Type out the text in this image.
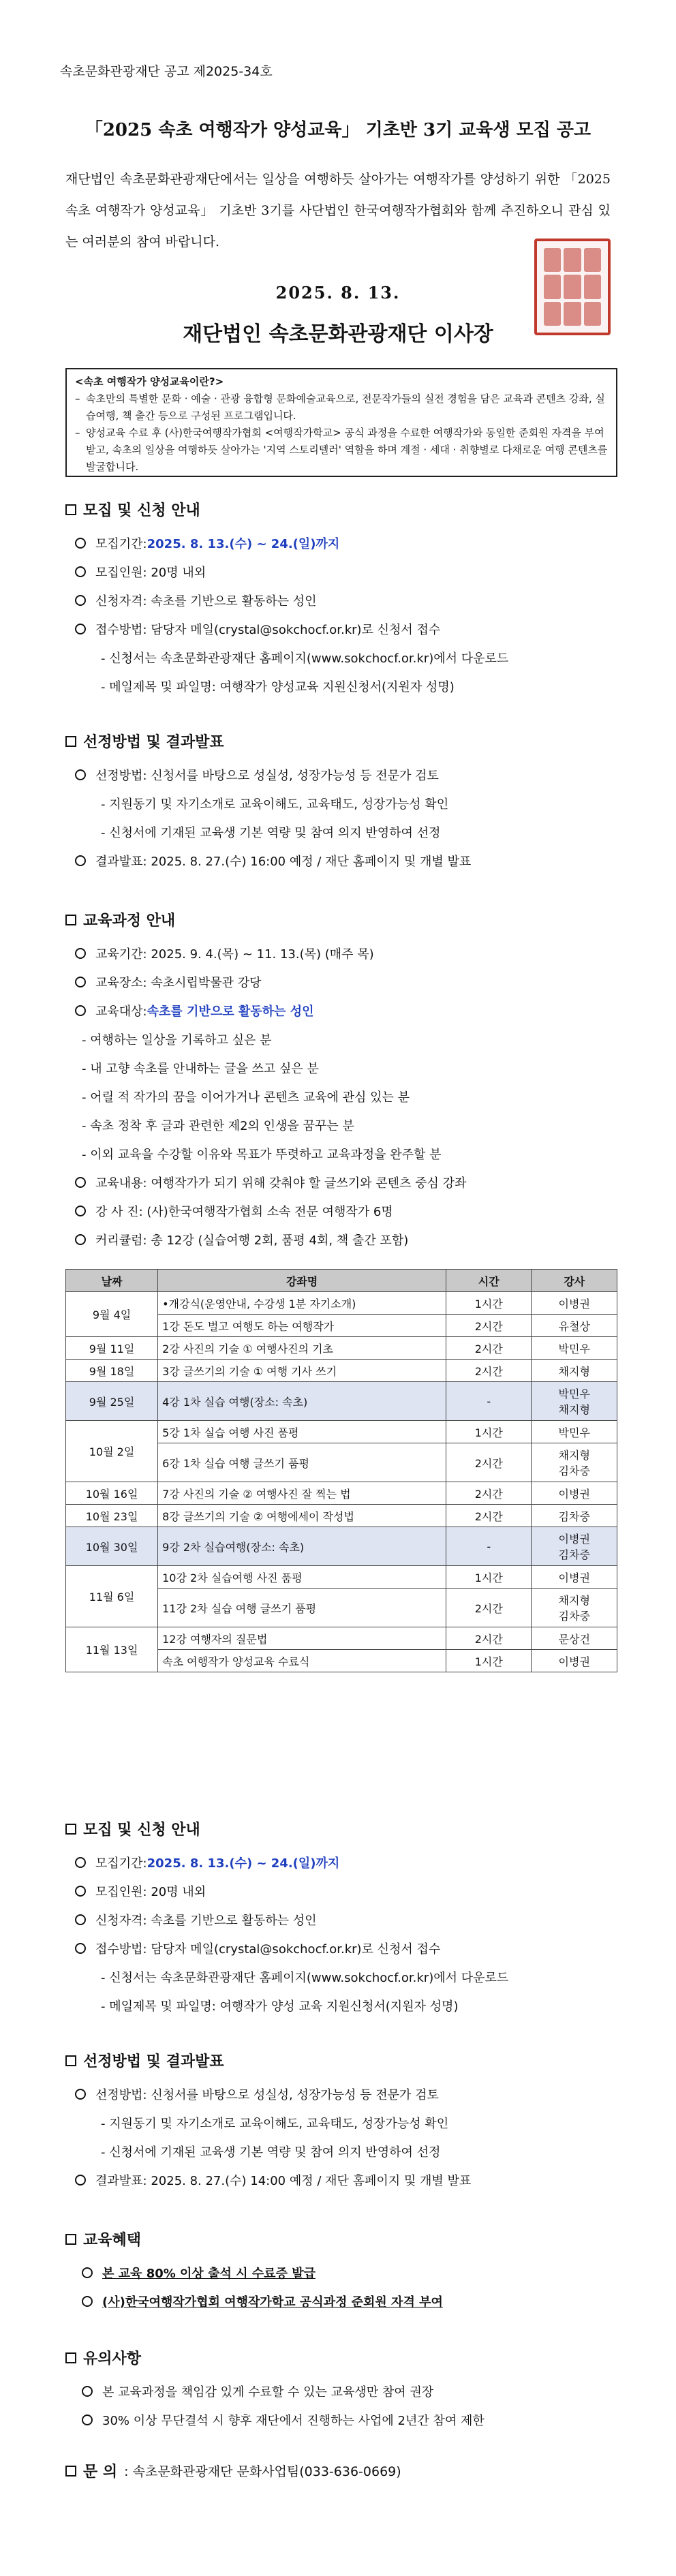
속초문화관광재단 공고 제2025-34호
「2025 속초 여행작가 양성교육」 기초반 3기 교육생 모집 공고
재단법인 속초문화관광재단에서는 일상을 여행하듯 살아가는 여행작가를 양성하기 위한 「2025 속초 여행작가 양성교육」 기초반 3기를 사단법인 한국여행작가협회와 함께 추진하오니 관심 있는 여러분의 참여 바랍니다.
2025. 8. 13.
재단법인 속초문화관광재단 이사장
<속초 여행작가 양성교육이란?>
– 속초만의 특별한 문화 · 예술 · 관광 융합형 문화예술교육으로, 전문작가들의 실전 경험을 담은 교육과 콘텐츠 강좌, 실습여행, 책 출간 등으로 구성된 프로그램입니다.
– 양성교육 수료 후 (사)한국여행작가협회 <여행작가학교> 공식 과정을 수료한 여행작가와 동일한 준회원 자격을 부여받고, 속초의 일상을 여행하듯 살아가는 '지역 스토리텔러' 역할을 하며 계절 · 세대 · 취향별로 다채로운 여행 콘텐츠를 발굴합니다.
모집 및 신청 안내
모집기간: 2025. 8. 13.(수) ~ 24.(일)까지
모집인원: 20명 내외
신청자격: 속초를 기반으로 활동하는 성인
접수방법: 담당자 메일(crystal@sokchocf.or.kr)로 신청서 접수
- 신청서는 속초문화관광재단 홈페이지(www.sokchocf.or.kr)에서 다운로드
- 메일제목 및 파일명: 여행작가 양성교육 지원신청서(지원자 성명)
선정방법 및 결과발표
선정방법: 신청서를 바탕으로 성실성, 성장가능성 등 전문가 검토
- 지원동기 및 자기소개로 교육이해도, 교육태도, 성장가능성 확인
- 신청서에 기재된 교육생 기본 역량 및 참여 의지 반영하여 선정
결과발표: 2025. 8. 27.(수) 16:00 예정 / 재단 홈페이지 및 개별 발표
교육과정 안내
교육기간: 2025. 9. 4.(목) ~ 11. 13.(목) (매주 목)
교육장소: 속초시립박물관 강당
교육대상: 속초를 기반으로 활동하는 성인
- 여행하는 일상을 기록하고 싶은 분
- 내 고향 속초를 안내하는 글을 쓰고 싶은 분
- 어릴 적 작가의 꿈을 이어가거나 콘텐츠 교육에 관심 있는 분
- 속초 정착 후 글과 관련한 제2의 인생을 꿈꾸는 분
- 이외 교육을 수강할 이유와 목표가 뚜렷하고 교육과정을 완주할 분
교육내용: 여행작가가 되기 위해 갖춰야 할 글쓰기와 콘텐츠 중심 강좌
강 사 진: (사)한국여행작가협회 소속 전문 여행작가 6명
커리큘럼: 총 12강 (실습여행 2회, 품평 4회, 책 출간 포함)
날짜	강좌명	시간	강사
9월 4일	•개강식(운영안내, 수강생 1분 자기소개)	1시간	이병권
	1강 돈도 벌고 여행도 하는 여행작가	2시간	유철상
9월 11일	2강 사진의 기술 ① 여행사진의 기초	2시간	박민우
9월 18일	3강 글쓰기의 기술 ① 여행 기사 쓰기	2시간	채지형
9월 25일	4강 1차 실습 여행(장소: 속초)	-	박민우
채지형
10월 2일	5강 1차 실습 여행 사진 품평	1시간	박민우
	6강 1차 실습 여행 글쓰기 품평	2시간	채지형
김차중
10월 16일	7강 사진의 기술 ② 여행사진 잘 찍는 법	2시간	이병권
10월 23일	8강 글쓰기의 기술 ② 여행에세이 작성법	2시간	김차중
10월 30일	9강 2차 실습여행(장소: 속초)	-	이병권
김차중
11월 6일	10강 2차 실습여행 사진 품평	1시간	이병권
	11강 2차 실습 여행 글쓰기 품평	2시간	채지형
김차중
11월 13일	12강 여행자의 질문법	2시간	문상건
	속초 여행작가 양성교육 수료식	1시간	이병권
모집 및 신청 안내
모집기간: 2025. 8. 13.(수) ~ 24.(일)까지
모집인원: 20명 내외
신청자격: 속초를 기반으로 활동하는 성인
접수방법: 담당자 메일(crystal@sokchocf.or.kr)로 신청서 접수
- 신청서는 속초문화관광재단 홈페이지(www.sokchocf.or.kr)에서 다운로드
- 메일제목 및 파일명: 여행작가 양성 교육 지원신청서(지원자 성명)
선정방법 및 결과발표
선정방법: 신청서를 바탕으로 성실성, 성장가능성 등 전문가 검토
- 지원동기 및 자기소개로 교육이해도, 교육태도, 성장가능성 확인
- 신청서에 기재된 교육생 기본 역량 및 참여 의지 반영하여 선정
결과발표: 2025. 8. 27.(수) 14:00 예정 / 재단 홈페이지 및 개별 발표
교육혜택
본 교육 80% 이상 출석 시 수료증 발급
(사)한국여행작가협회 여행작가학교 공식과정 준회원 자격 부여
유의사항
본 교육과정을 책임감 있게 수료할 수 있는 교육생만 참여 권장
30% 이상 무단결석 시 향후 재단에서 진행하는 사업에 2년간 참여 제한
문 의 : 속초문화관광재단 문화사업팀(033-636-0669)
